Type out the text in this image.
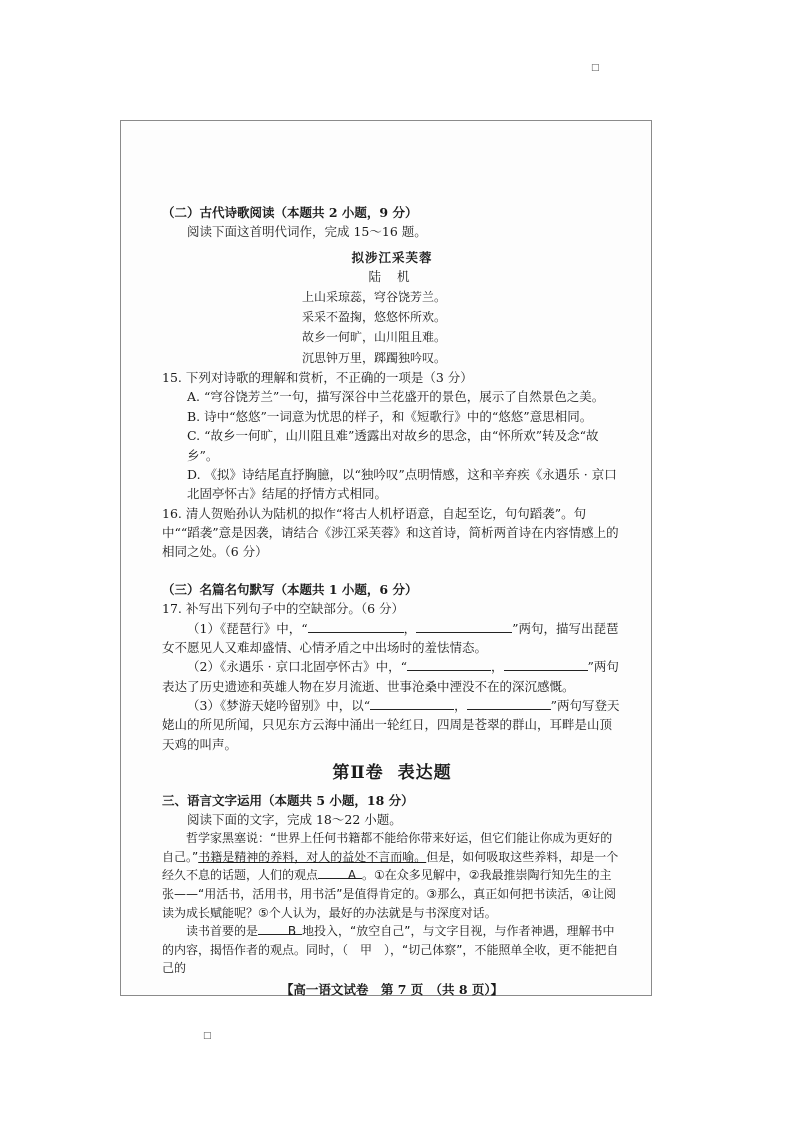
□
□

（二）古代诗歌阅读（本题共 2 小题，9 分）

阅读下面这首明代词作，完成 15～16 题。

拟涉江采芙蓉
陆 机
上山采琼蕊，穹谷饶芳兰。
采采不盈掬，悠悠怀所欢。
故乡一何旷，山川阻且难。
沉思钟万里，踯躅独吟叹。

15. 下列对诗歌的理解和赏析，不正确的一项是（3 分）

A. “穹谷饶芳兰”一句，描写深谷中兰花盛开的景色，展示了自然景色之美。

B. 诗中“悠悠”一词意为忧思的样子，和《短歌行》中的“悠悠”意思相同。

C. “故乡一何旷，山川阻且难”透露出对故乡的思念，由“怀所欢”转及念“故乡”。

D. 《拟》诗结尾直抒胸臆，以“独吟叹”点明情感，这和辛弃疾《永遇乐 · 京口北固亭怀古》结尾的抒情方式相同。

16. 清人贺贻孙认为陆机的拟作“将古人机杼语意，自起至讫，句句蹈袭”。句中““蹈袭”意是因袭，请结合《涉江采芙蓉》和这首诗，简析两首诗在内容情感上的相同之处。（6 分）

（三）名篇名句默写（本题共 1 小题，6 分）

17. 补写出下列句子中的空缺部分。（6 分）

（1）《琵琶行》中，“	，	”两句，描写出琵琶女不愿见人又难却盛情、心情矛盾之中出场时的羞怯情态。

（2）《永遇乐 · 京口北固亭怀古》中，“	，	”两句表达了历史遗迹和英雄人物在岁月流逝、世事沧桑中湮没不在的深沉感慨。

（3）《梦游天姥吟留别》中，以“	，	”两句写登天姥山的所见所闻，只见东方云海中涌出一轮红日，四周是苍翠的群山，耳畔是山顶天鸡的叫声。

第Ⅱ卷 表达题

三、语言文字运用（本题共 5 小题，18 分）

阅读下面的文字，完成 18～22 小题。

哲学家黑塞说：“世界上任何书籍都不能给你带来好运，但它们能让你成为更好的自己。”书籍是精神的养料，对人的益处不言而喻。但是，如何吸取这些养料，却是一个经久不息的话题，人们的观点 A 。①在众多见解中，②我最推崇陶行知先生的主张——“用活书，活用书，用书活”是值得肯定的。③那么，真正如何把书读活，④让阅读为成长赋能呢？⑤个人认为，最好的办法就是与书深度对话。

读书首要的是 B 地投入，“放空自己”，与文字目视，与作者神遇，理解书中的内容，揭悟作者的观点。同时，（　甲　），“切己体察”，不能照单全收，更不能把自己的

【高一语文试卷　第 7 页　（共 8 页）】
